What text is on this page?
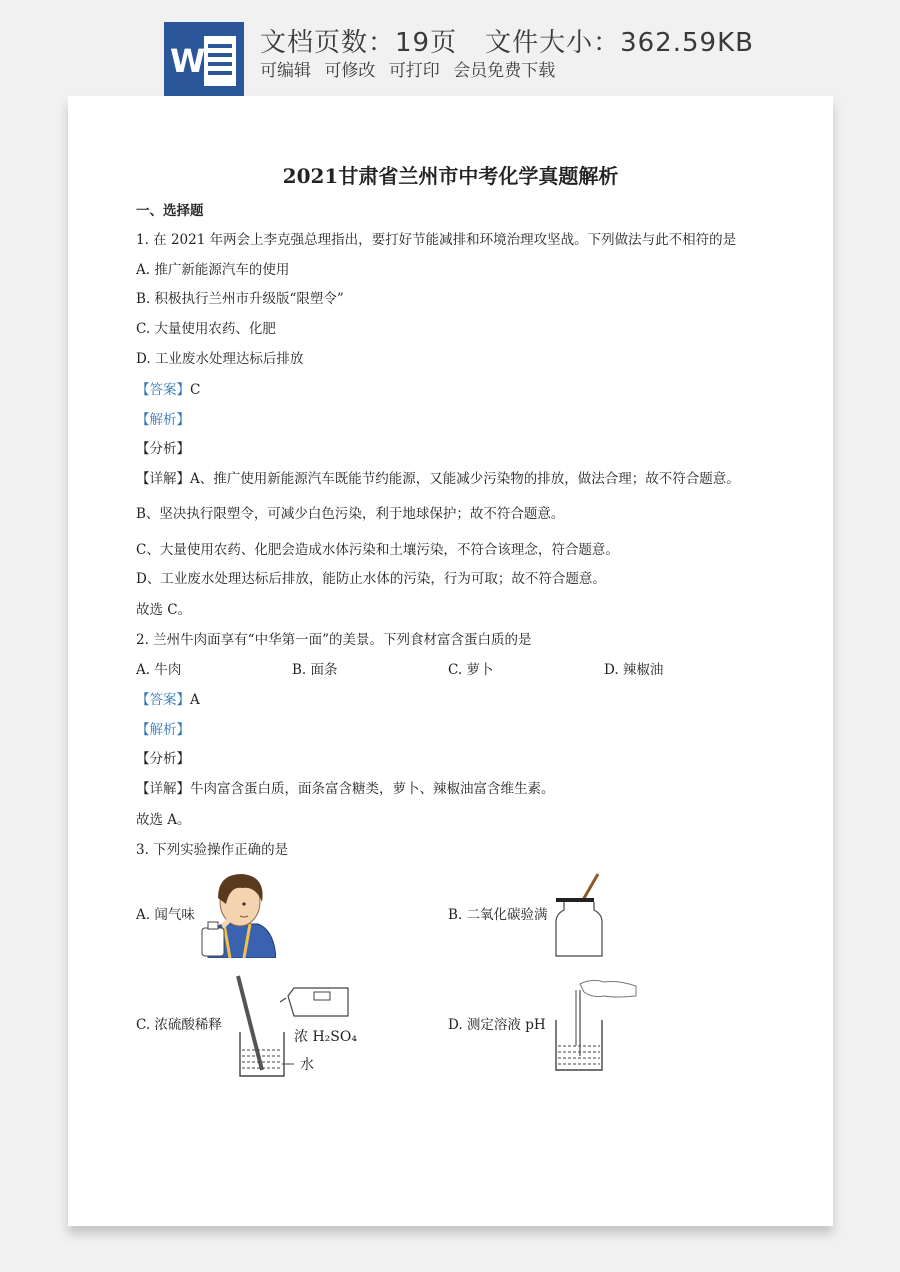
W 文档页数：19页 文件大小：362.59KB
可编辑 可修改 可打印 会员免费下载
2021甘肃省兰州市中考化学真题解析
一、选择题
1. 在 2021 年两会上李克强总理指出，要打好节能减排和环境治理攻坚战。下列做法与此不相符的是
A. 推广新能源汽车的使用
B. 积极执行兰州市升级版“限塑令”
C. 大量使用农药、化肥
D. 工业废水处理达标后排放
【答案】C
【解析】
【分析】
【详解】A、推广使用新能源汽车既能节约能源，又能减少污染物的排放，做法合理；故不符合题意。
B、坚决执行限塑令，可减少白色污染，利于地球保护；故不符合题意。
C、大量使用农药、化肥会造成水体污染和土壤污染，不符合该理念，符合题意。
D、工业废水处理达标后排放，能防止水体的污染，行为可取；故不符合题意。
故选 C。
2. 兰州牛肉面享有“中华第一面”的美景。下列食材富含蛋白质的是
A. 牛肉	B. 面条	C. 萝卜	D. 辣椒油
【答案】A
【解析】
【分析】
【详解】牛肉富含蛋白质，面条富含糖类，萝卜、辣椒油富含维生素。
故选 A。
3. 下列实验操作正确的是
A. 闻气味	B. 二氧化碳验满
C. 浓硫酸稀释	D. 测定溶液 pH
浓 H₂SO₄
水
